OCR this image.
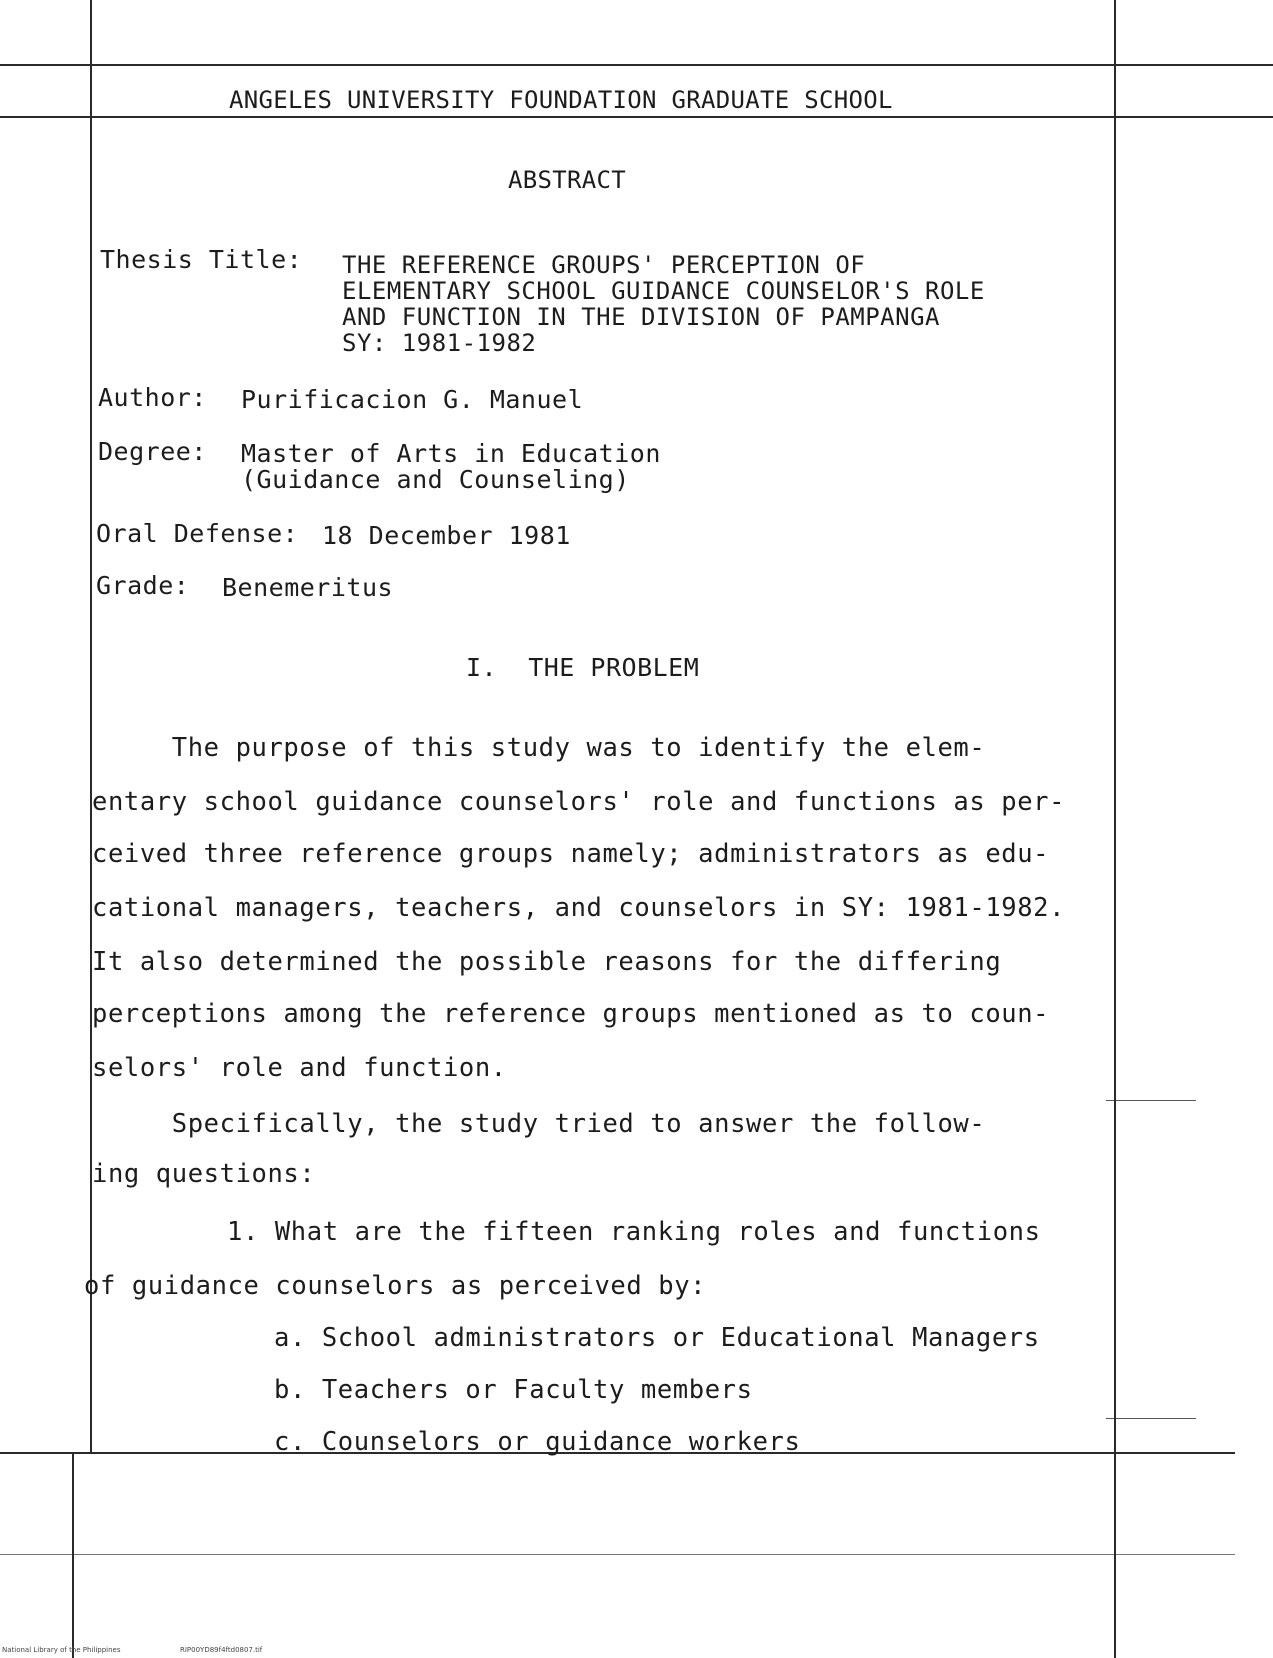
ANGELES UNIVERSITY FOUNDATION GRADUATE SCHOOL
ABSTRACT
Thesis Title: THE REFERENCE GROUPS' PERCEPTION OF
ELEMENTARY SCHOOL GUIDANCE COUNSELOR'S ROLE
AND FUNCTION IN THE DIVISION OF PAMPANGA
SY: 1981-1982
Author: Purificacion G. Manuel
Degree: Master of Arts in Education
(Guidance and Counseling)
Oral Defense: 18 December 1981
Grade: Benemeritus
I.  THE PROBLEM
The purpose of this study was to identify the elem-
entary school guidance counselors' role and functions as per-
ceived three reference groups namely; administrators as edu-
cational managers, teachers, and counselors in SY: 1981-1982.
It also determined the possible reasons for the differing
perceptions among the reference groups mentioned as to coun-
selors' role and function.
Specifically, the study tried to answer the follow-
ing questions:
1. What are the fifteen ranking roles and functions
of guidance counselors as perceived by:
a. School administrators or Educational Managers
b. Teachers or Faculty members
c. Counselors or guidance workers
National Library of the Philippines	RIP00YD89f4ftd0807.tif
